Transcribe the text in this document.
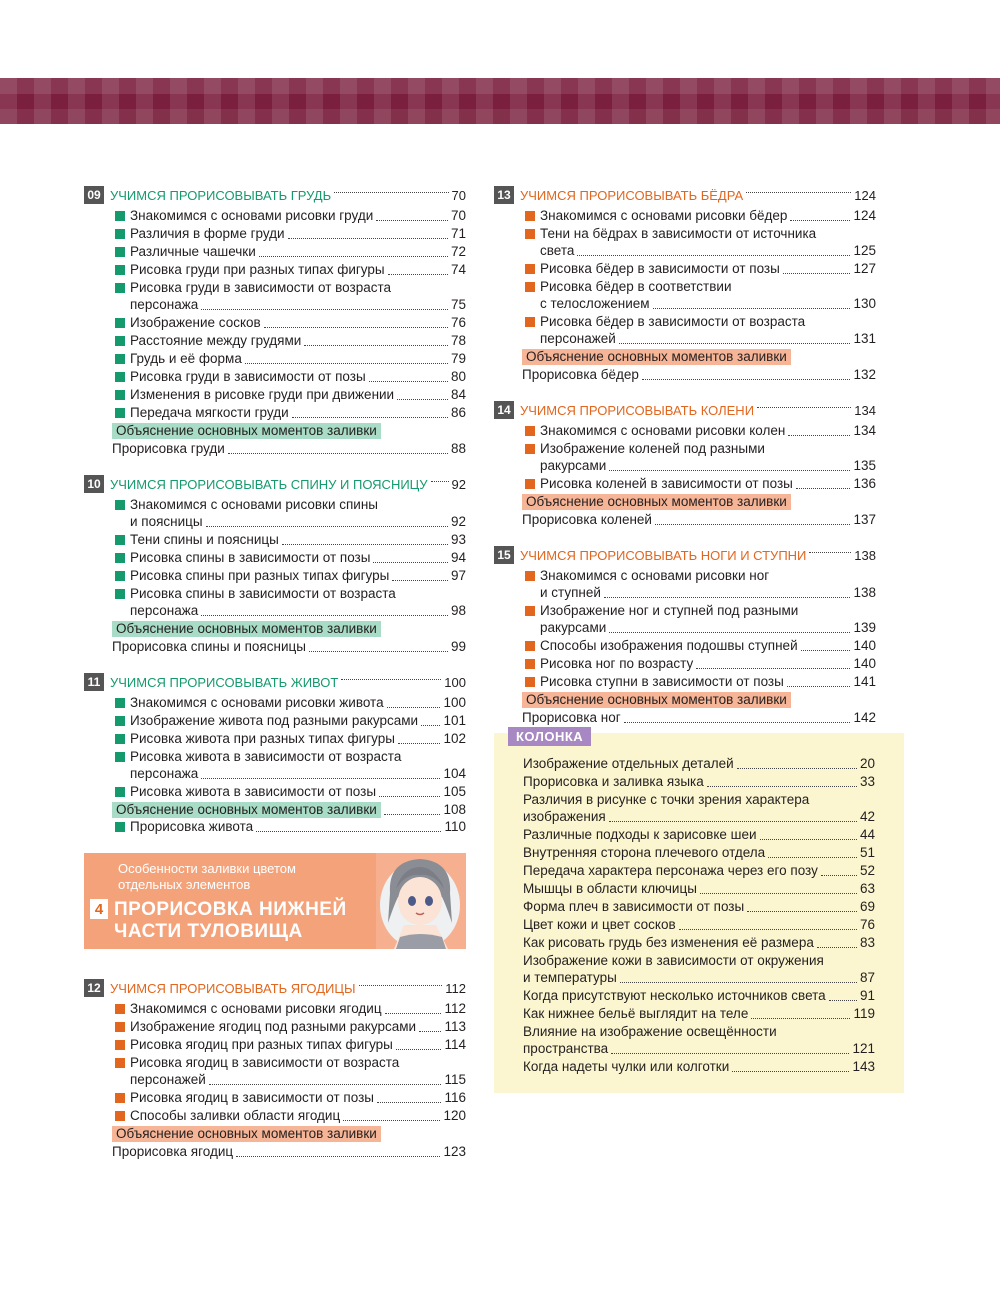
09 УЧИМСЯ ПРОРИСОВЫВАТЬ ГРУДЬ	70
Знакомимся с основами рисовки груди	70
Различия в форме груди	71
Различные чашечки	72
Рисовка груди при разных типах фигуры	74
Рисовка груди в зависимости от возраста
персонажа	75
Изображение сосков	76
Расстояние между грудями	78
Грудь и её форма	79
Рисовка груди в зависимости от позы	80
Изменения в рисовке груди при движении	84
Передача мягкости груди	86
Объяснение основных моментов заливки
Прорисовка груди	88
10 УЧИМСЯ ПРОРИСОВЫВАТЬ СПИНУ И ПОЯСНИЦУ 92
Знакомимся с основами рисовки спины
и поясницы	92
Тени спины и поясницы	93
Рисовка спины в зависимости от позы	94
Рисовка спины при разных типах фигуры	97
Рисовка спины в зависимости от возраста
персонажа	98
Объяснение основных моментов заливки
Прорисовка спины и поясницы	99
11 УЧИМСЯ ПРОРИСОВЫВАТЬ ЖИВОТ	100
Знакомимся с основами рисовки живота	100
Изображение живота под разными ракурсами 101
Рисовка живота при разных типах фигуры	102
Рисовка живота в зависимости от возраста
персонажа	104
Рисовка живота в зависимости от позы	105
Объяснение основных моментов заливки	108
Прорисовка живота	110
Особенности заливки цветом
отдельных элементов
4 ПРОРИСОВКА НИЖНЕЙ
ЧАСТИ ТУЛОВИЩА
12 УЧИМСЯ ПРОРИСОВЫВАТЬ ЯГОДИЦЫ	112
Знакомимся с основами рисовки ягодиц	112
Изображение ягодиц под разными ракурсами 113
Рисовка ягодиц при разных типах фигуры	114
Рисовка ягодиц в зависимости от возраста
персонажей	115
Рисовка ягодиц в зависимости от позы	116
Способы заливки области ягодиц	120
Объяснение основных моментов заливки
Прорисовка ягодиц	123
13 УЧИМСЯ ПРОРИСОВЫВАТЬ БЁДРА	124
Знакомимся с основами рисовки бёдер	124
Тени на бёдрах в зависимости от источника
света	125
Рисовка бёдер в зависимости от позы	127
Рисовка бёдер в соответствии
с телосложением	130
Рисовка бёдер в зависимости от возраста
персонажей	131
Объяснение основных моментов заливки
Прорисовка бёдер	132
14 УЧИМСЯ ПРОРИСОВЫВАТЬ КОЛЕНИ	134
Знакомимся с основами рисовки колен	134
Изображение коленей под разными
ракурсами	135
Рисовка коленей в зависимости от позы	136
Объяснение основных моментов заливки
Прорисовка коленей	137
15 УЧИМСЯ ПРОРИСОВЫВАТЬ НОГИ И СТУПНИ	138
Знакомимся с основами рисовки ног
и ступней	138
Изображение ног и ступней под разными
ракурсами	139
Способы изображения подошвы ступней	140
Рисовка ног по возрасту	140
Рисовка ступни в зависимости от позы	141
Объяснение основных моментов заливки
Прорисовка ног	142
КОЛОНКА
Изображение отдельных деталей	20
Прорисовка и заливка языка	33
Различия в рисунке с точки зрения характера
изображения	42
Различные подходы к зарисовке шеи	44
Внутренняя сторона плечевого отдела	51
Передача характера персонажа через его позу	52
Мышцы в области ключицы	63
Форма плеч в зависимости от позы	69
Цвет кожи и цвет сосков	76
Как рисовать грудь без изменения её размера	83
Изображение кожи в зависимости от окружения
и температуры	87
Когда присутствуют несколько источников света	91
Как нижнее бельё выглядит на теле	119
Влияние на изображение освещённости
пространства	121
Когда надеты чулки или колготки	143
